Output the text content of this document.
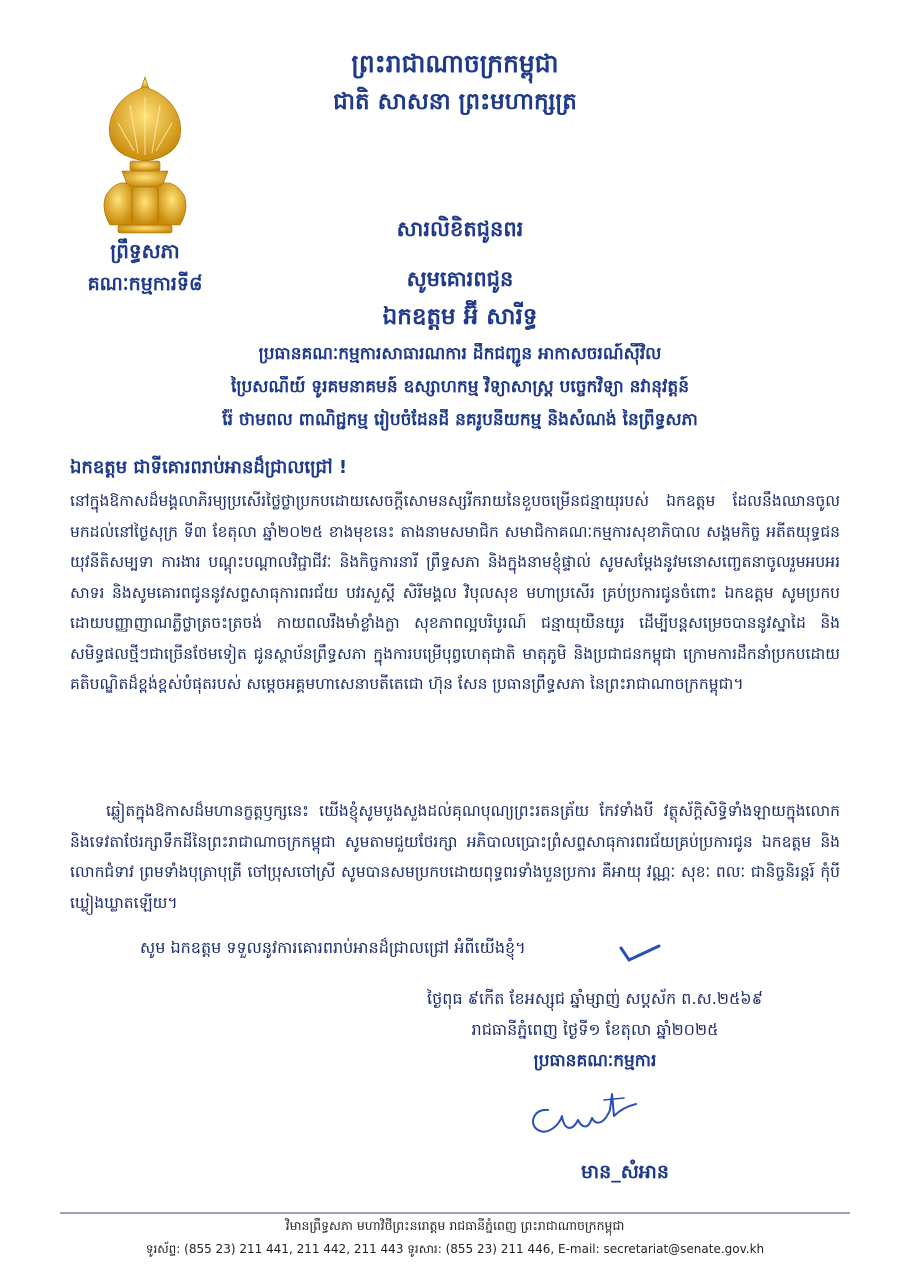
ព្រះរាជាណាចក្រកម្ពុជា
ជាតិ សាសនា ព្រះមហាក្សត្រ
ព្រឹទ្ធសភា
គណៈកម្មការទី៨
សារលិខិតជូនពរ
សូមគោរពជូន
ឯកឧត្តម អ៊ី សារីទ្ធ
ប្រធានគណៈកម្មការសាធារណការ ដឹកជញ្ជូន អាកាសចរណ៍ស៊ីវិល
ប្រៃសណីយ៍ ទូរគមនាគមន៍ ឧស្សាហកម្ម វិទ្យាសាស្ត្រ បច្ចេកវិទ្យា នវានុវត្តន៍
រ៉ែ ថាមពល ពាណិជ្ជកម្ម រៀបចំដែនដី នគរូបនីយកម្ម និងសំណង់ នៃព្រឹទ្ធសភា
ឯកឧត្តម ជាទីគោរពរាប់អានដ៏ជ្រាលជ្រៅ !
នៅក្នុងឱកាសដ៏មង្គលាភិរម្យប្រសើរថ្លៃថ្លាប្រកបដោយសេចក្ដីសោមនស្សរីករាយនៃខួបចម្រើនជន្មាយុរបស់ ឯកឧត្តម ដែលនឹងឈានចូលមកដល់នៅថ្ងៃសុក្រ ទី៣ ខែតុលា ឆ្នាំ២០២៥ ខាងមុខនេះ តាងនាមសមាជិក សមាជិកាគណៈកម្មការសុខាភិបាល សង្គមកិច្ច អតីតយុទ្ធជន យុវនីតិសម្បទា ការងារ បណ្ដុះបណ្ដាលវិជ្ជាជីវៈ និងកិច្ចការនារី ព្រឹទ្ធសភា និងក្នុងនាមខ្ញុំផ្ទាល់ សូមសម្ដែងនូវមនោសញ្ចេតនាចូលរួមអបអរសាទរ និងសូមគោរពជូននូវសព្ទសាធុការពរជ័យ បវរសួស្ដី សិរីមង្គល វិបុលសុខ មហាប្រសើរ គ្រប់ប្រការជូនចំពោះ ឯកឧត្តម សូមប្រកបដោយបញ្ញាញាណភ្លឺថ្លាត្រចះត្រចង់ កាយពលរឹងមាំខ្លាំងក្លា សុខភាពល្អបរិបូរណ៍ ជន្មាយុយឺនយូរ ដើម្បីបន្តសម្រេចបាននូវស្នាដៃ និងសមិទ្ធផលថ្មីៗជាច្រើនថែមទៀត ជូនស្ថាប័នព្រឹទ្ធសភា ក្នុងការបម្រើបុព្វហេតុជាតិ មាតុភូមិ និងប្រជាជនកម្ពុជា ក្រោមការដឹកនាំប្រកបដោយគតិបណ្ឌិតដ៏ខ្ពង់ខ្ពស់បំផុតរបស់ សម្ដេចអគ្គមហាសេនាបតីតេជោ ហ៊ុន សែន ប្រធានព្រឹទ្ធសភា នៃព្រះរាជាណាចក្រកម្ពុជា។
ឆ្លៀតក្នុងឱកាសដ៏មហានក្ខត្តឫក្សនេះ យើងខ្ញុំសូមបួងសួងដល់គុណបុណ្យព្រះរតនត្រ័យ កែវទាំងបី វត្ថុស័ក្ដិសិទ្ធិទាំងឡាយក្នុងលោក និងទេវតាថែរក្សាទឹកដីនៃព្រះរាជាណាចក្រកម្ពុជា សូមតាមជួយថែរក្សា អភិបាលប្រោះព្រំសព្ទសាធុការពរជ័យគ្រប់ប្រការជូន ឯកឧត្តម និងលោកជំទាវ ព្រមទាំងបុត្រាបុត្រី ចៅប្រុសចៅស្រី សូមបានសមប្រកបដោយពុទ្ធពរទាំងបួនប្រការ គឺអាយុ វណ្ណៈ សុខៈ ពលៈ ជានិច្ចនិរន្តរ៍ កុំបីឃ្លៀងឃ្លាតឡើយ។
សូម ឯកឧត្តម ទទួលនូវការគោរពរាប់អានដ៏ជ្រាលជ្រៅ អំពីយើងខ្ញុំ។
ថ្ងៃពុធ ៩កើត ខែអស្សុជ ឆ្នាំម្សាញ់ សប្ដស័ក ព.ស.២៥៦៩
រាជធានីភ្នំពេញ ថ្ងៃទី១ ខែតុលា ឆ្នាំ២០២៥
ប្រធានគណៈកម្មការ
មាន_សំអាន
វិមានព្រឹទ្ធសភា មហាវិថីព្រះនរោត្តម រាជធានីភ្នំពេញ ព្រះរាជាណាចក្រកម្ពុជា
ទូរស័ព្ទ: (855 23) 211 441, 211 442, 211 443 ទូរសារ: (855 23) 211 446, E-mail: secretariat@senate.gov.kh
